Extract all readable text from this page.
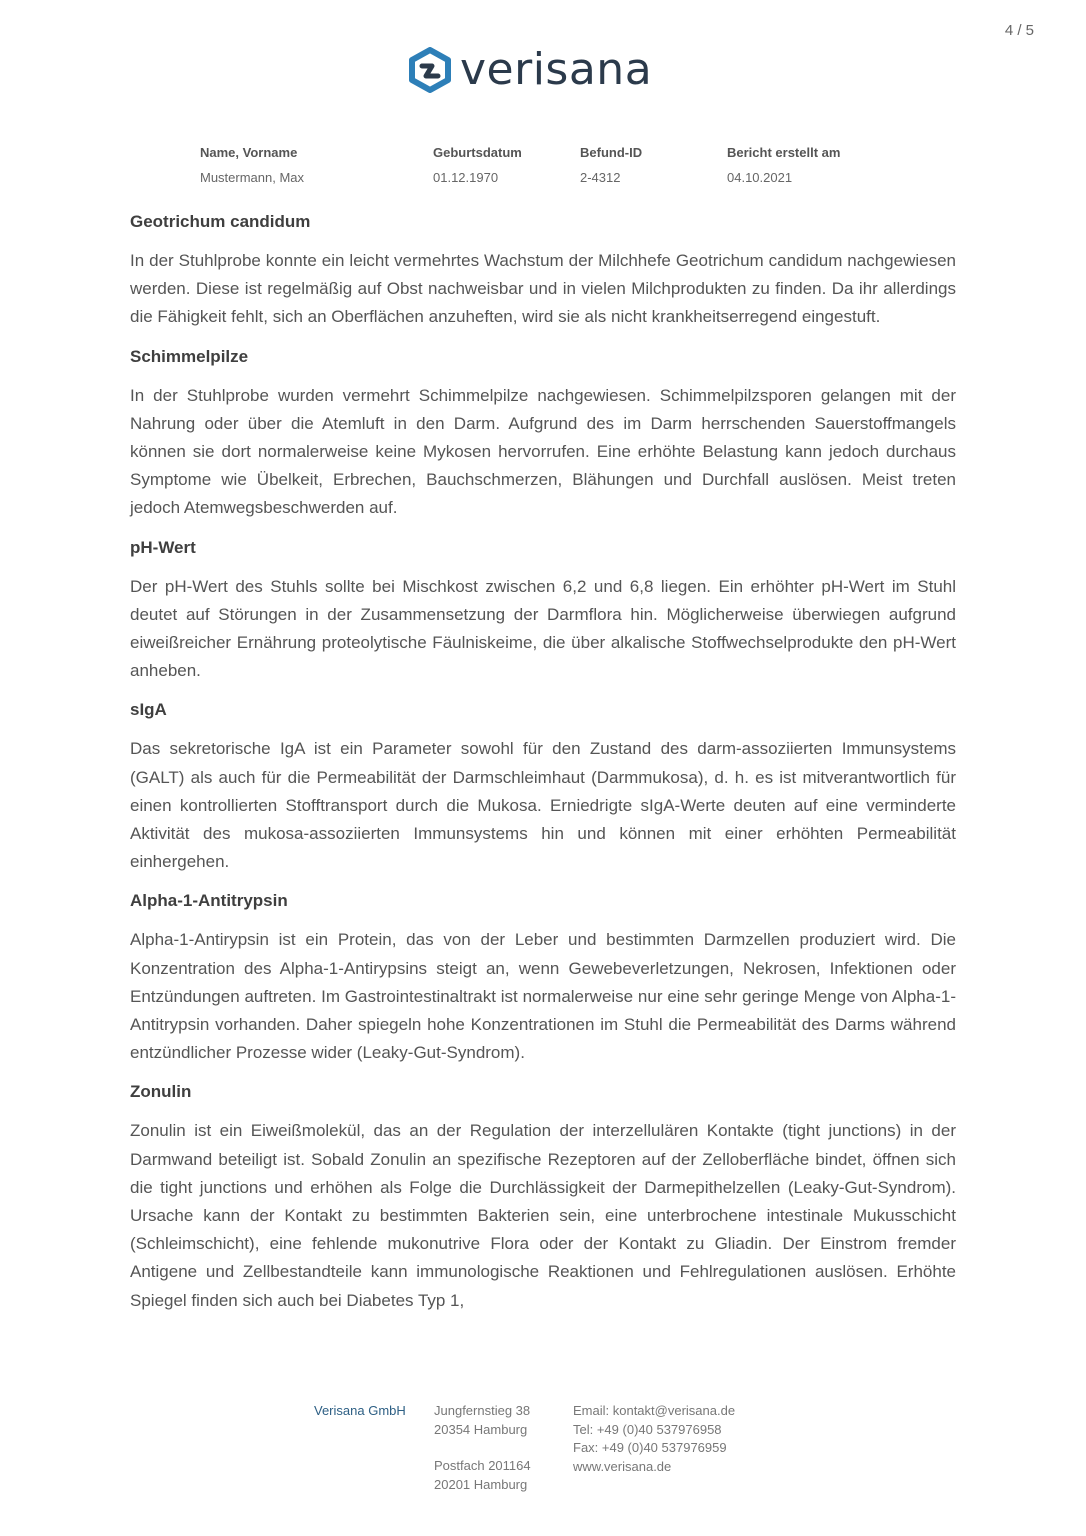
4 / 5
verisana
Name, Vorname	Geburtsdatum	Befund-ID	Bericht erstellt am
Mustermann, Max	01.12.1970	2-4312	04.10.2021
Geotrichum candidum

In der Stuhlprobe konnte ein leicht vermehrtes Wachstum der Milchhefe Geotrichum candidum nachgewiesen werden. Diese ist regelmäßig auf Obst nachweisbar und in vielen Milchprodukten zu finden. Da ihr allerdings die Fähigkeit fehlt, sich an Oberflächen anzuheften, wird sie als nicht krankheitserregend eingestuft.

Schimmelpilze

In der Stuhlprobe wurden vermehrt Schimmelpilze nachgewiesen. Schimmelpilzsporen gelangen mit der Nahrung oder über die Atemluft in den Darm. Aufgrund des im Darm herrschenden Sauerstoffmangels können sie dort normalerweise keine Mykosen hervorrufen. Eine erhöhte Belastung kann jedoch durchaus Symptome wie Übelkeit, Erbrechen, Bauchschmerzen, Blähungen und Durchfall auslösen. Meist treten jedoch Atemwegsbeschwerden auf.

pH-Wert

Der pH-Wert des Stuhls sollte bei Mischkost zwischen 6,2 und 6,8 liegen. Ein erhöhter pH-Wert im Stuhl deutet auf Störungen in der Zusammensetzung der Darmflora hin. Möglicherweise überwiegen aufgrund eiweißreicher Ernährung proteolytische Fäulniskeime, die über alkalische Stoffwechselprodukte den pH-Wert anheben.

sIgA

Das sekretorische IgA ist ein Parameter sowohl für den Zustand des darm-assoziierten Immunsystems (GALT) als auch für die Permeabilität der Darmschleimhaut (Darmmukosa), d. h. es ist mitverantwortlich für einen kontrollierten Stofftransport durch die Mukosa. Erniedrigte sIgA-Werte deuten auf eine verminderte Aktivität des mukosa-assoziierten Immunsystems hin und können mit einer erhöhten Permeabilität einhergehen.

Alpha-1-Antitrypsin

Alpha-1-Antirypsin ist ein Protein, das von der Leber und bestimmten Darmzellen produziert wird. Die Konzentration des Alpha-1-Antirypsins steigt an, wenn Gewebeverletzungen, Nekrosen, Infektionen oder Entzündungen auftreten. Im Gastrointestinaltrakt ist normalerweise nur eine sehr geringe Menge von Alpha-1-Antitrypsin vorhanden. Daher spiegeln hohe Konzentrationen im Stuhl die Permeabilität des Darms während entzündlicher Prozesse wider (Leaky-Gut-Syndrom).

Zonulin

Zonulin ist ein Eiweißmolekül, das an der Regulation der interzellulären Kontakte (tight junctions) in der Darmwand beteiligt ist. Sobald Zonulin an spezifische Rezeptoren auf der Zelloberfläche bindet, öffnen sich die tight junctions und erhöhen als Folge die Durchlässigkeit der Darmepithelzellen (Leaky-Gut-Syndrom). Ursache kann der Kontakt zu bestimmten Bakterien sein, eine unterbrochene intestinale Mukusschicht (Schleimschicht), eine fehlende mukonutrive Flora oder der Kontakt zu Gliadin. Der Einstrom fremder Antigene und Zellbestandteile kann immunologische Reaktionen und Fehlregulationen auslösen. Erhöhte Spiegel finden sich auch bei Diabetes Typ 1,

Verisana GmbH	Jungfernstieg 38
20354 Hamburg
Postfach 201164
20201 Hamburg
Email: kontakt@verisana.de
Tel: +49 (0)40 537976958
Fax: +49 (0)40 537976959
www.verisana.de
